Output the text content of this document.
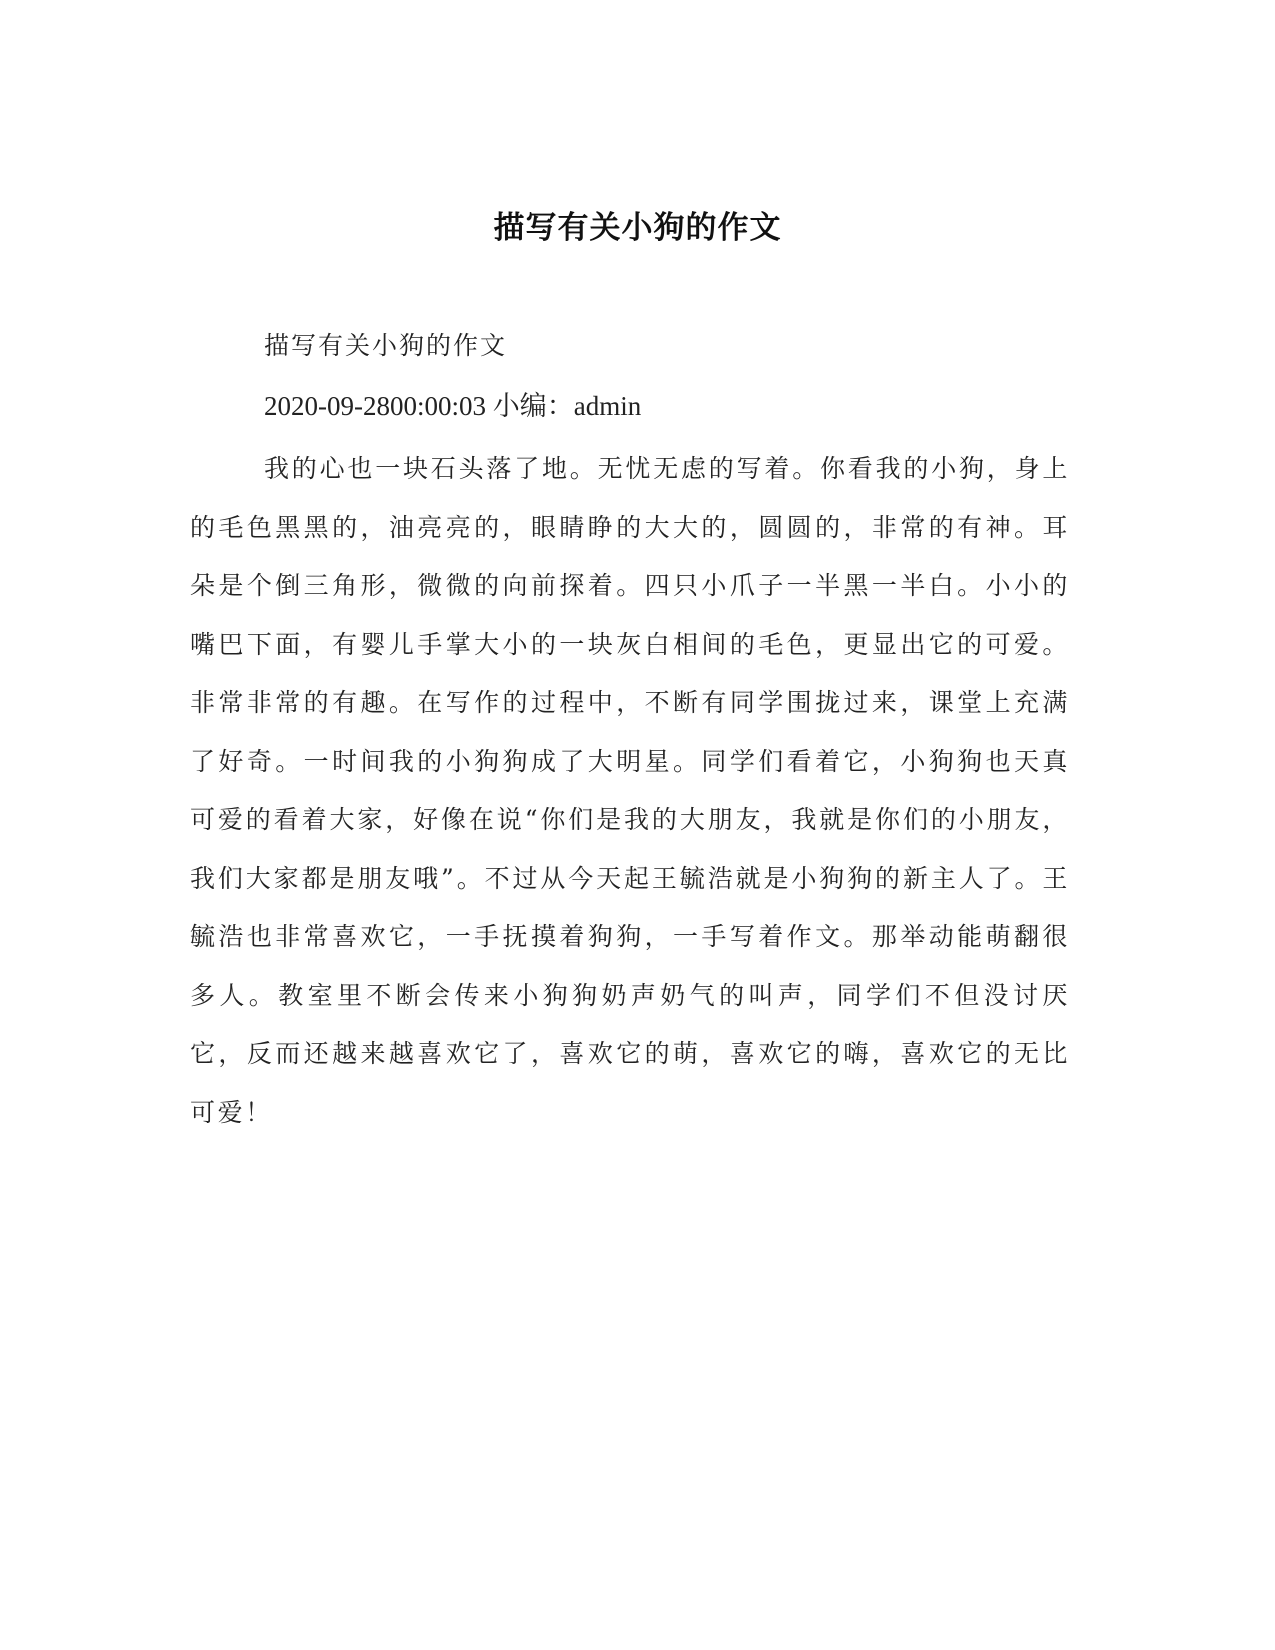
描写有关小狗的作文

描写有关小狗的作文

2020-09-2800:00:03 小编：admin

我的心也一块石头落了地。无忧无虑的写着。你看我的小狗，身上的毛色黑黑的，油亮亮的，眼睛睁的大大的，圆圆的，非常的有神。耳朵是个倒三角形，微微的向前探着。四只小爪子一半黑一半白。小小的嘴巴下面，有婴儿手掌大小的一块灰白相间的毛色，更显出它的可爱。非常非常的有趣。在写作的过程中，不断有同学围拢过来，课堂上充满了好奇。一时间我的小狗狗成了大明星。同学们看着它，小狗狗也天真可爱的看着大家，好像在说“你们是我的大朋友，我就是你们的小朋友，我们大家都是朋友哦”。不过从今天起王毓浩就是小狗狗的新主人了。王毓浩也非常喜欢它，一手抚摸着狗狗，一手写着作文。那举动能萌翻很多人。教室里不断会传来小狗狗奶声奶气的叫声，同学们不但没讨厌它，反而还越来越喜欢它了，喜欢它的萌，喜欢它的嗨，喜欢它的无比可爱！
